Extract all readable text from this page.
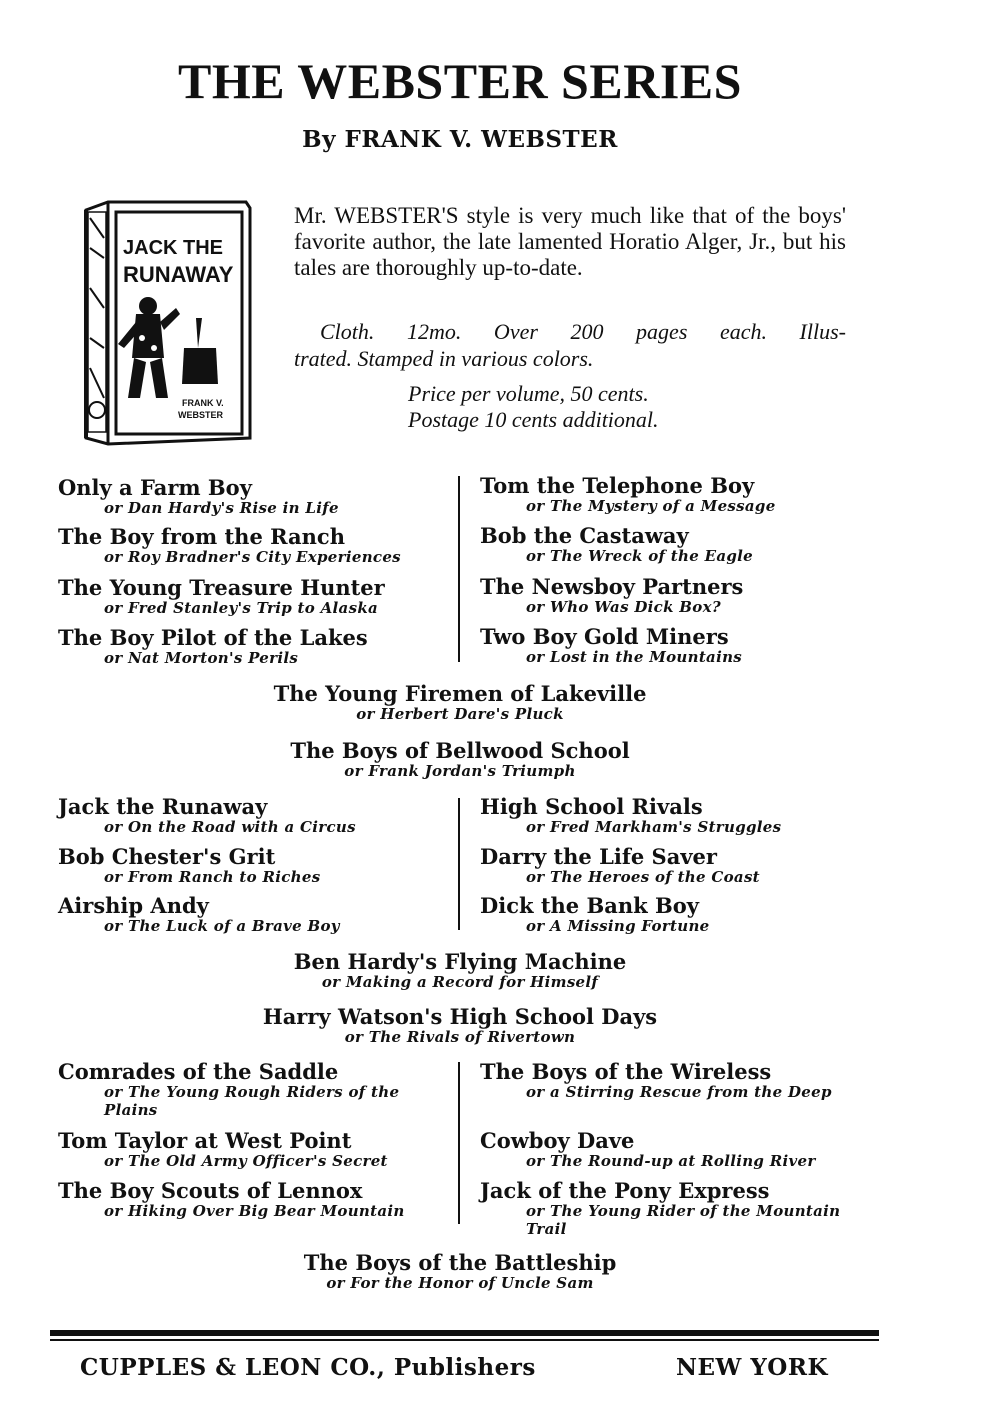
THE WEBSTER SERIES
By FRANK V. WEBSTER
JACK THE
RUNAWAY
FRANK V.
WEBSTER
Mr. WEBSTER'S style is very much like that of the boys' favorite author, the late lamented Horatio Alger, Jr., but his tales are thoroughly up-to-date.
Cloth. 12mo. Over 200 pages each. Illus-
trated. Stamped in various colors.
Price per volume, 50 cents.
Postage 10 cents additional.
Only a Farm Boy
or Dan Hardy's Rise in Life
The Boy from the Ranch
or Roy Bradner's City Experiences
The Young Treasure Hunter
or Fred Stanley's Trip to Alaska
The Boy Pilot of the Lakes
or Nat Morton's Perils
Tom the Telephone Boy
or The Mystery of a Message
Bob the Castaway
or The Wreck of the Eagle
The Newsboy Partners
or Who Was Dick Box?
Two Boy Gold Miners
or Lost in the Mountains
The Young Firemen of Lakeville
or Herbert Dare's Pluck
The Boys of Bellwood School
or Frank Jordan's Triumph
Jack the Runaway
or On the Road with a Circus
Bob Chester's Grit
or From Ranch to Riches
Airship Andy
or The Luck of a Brave Boy
High School Rivals
or Fred Markham's Struggles
Darry the Life Saver
or The Heroes of the Coast
Dick the Bank Boy
or A Missing Fortune
Ben Hardy's Flying Machine
or Making a Record for Himself
Harry Watson's High School Days
or The Rivals of Rivertown
Comrades of the Saddle
or The Young Rough Riders of the Plains
Tom Taylor at West Point
or The Old Army Officer's Secret
The Boy Scouts of Lennox
or Hiking Over Big Bear Mountain
The Boys of the Wireless
or a Stirring Rescue from the Deep
Cowboy Dave
or The Round-up at Rolling River
Jack of the Pony Express
or The Young Rider of the Mountain Trail
The Boys of the Battleship
or For the Honor of Uncle Sam
CUPPLES & LEON CO., Publishers	NEW YORK
